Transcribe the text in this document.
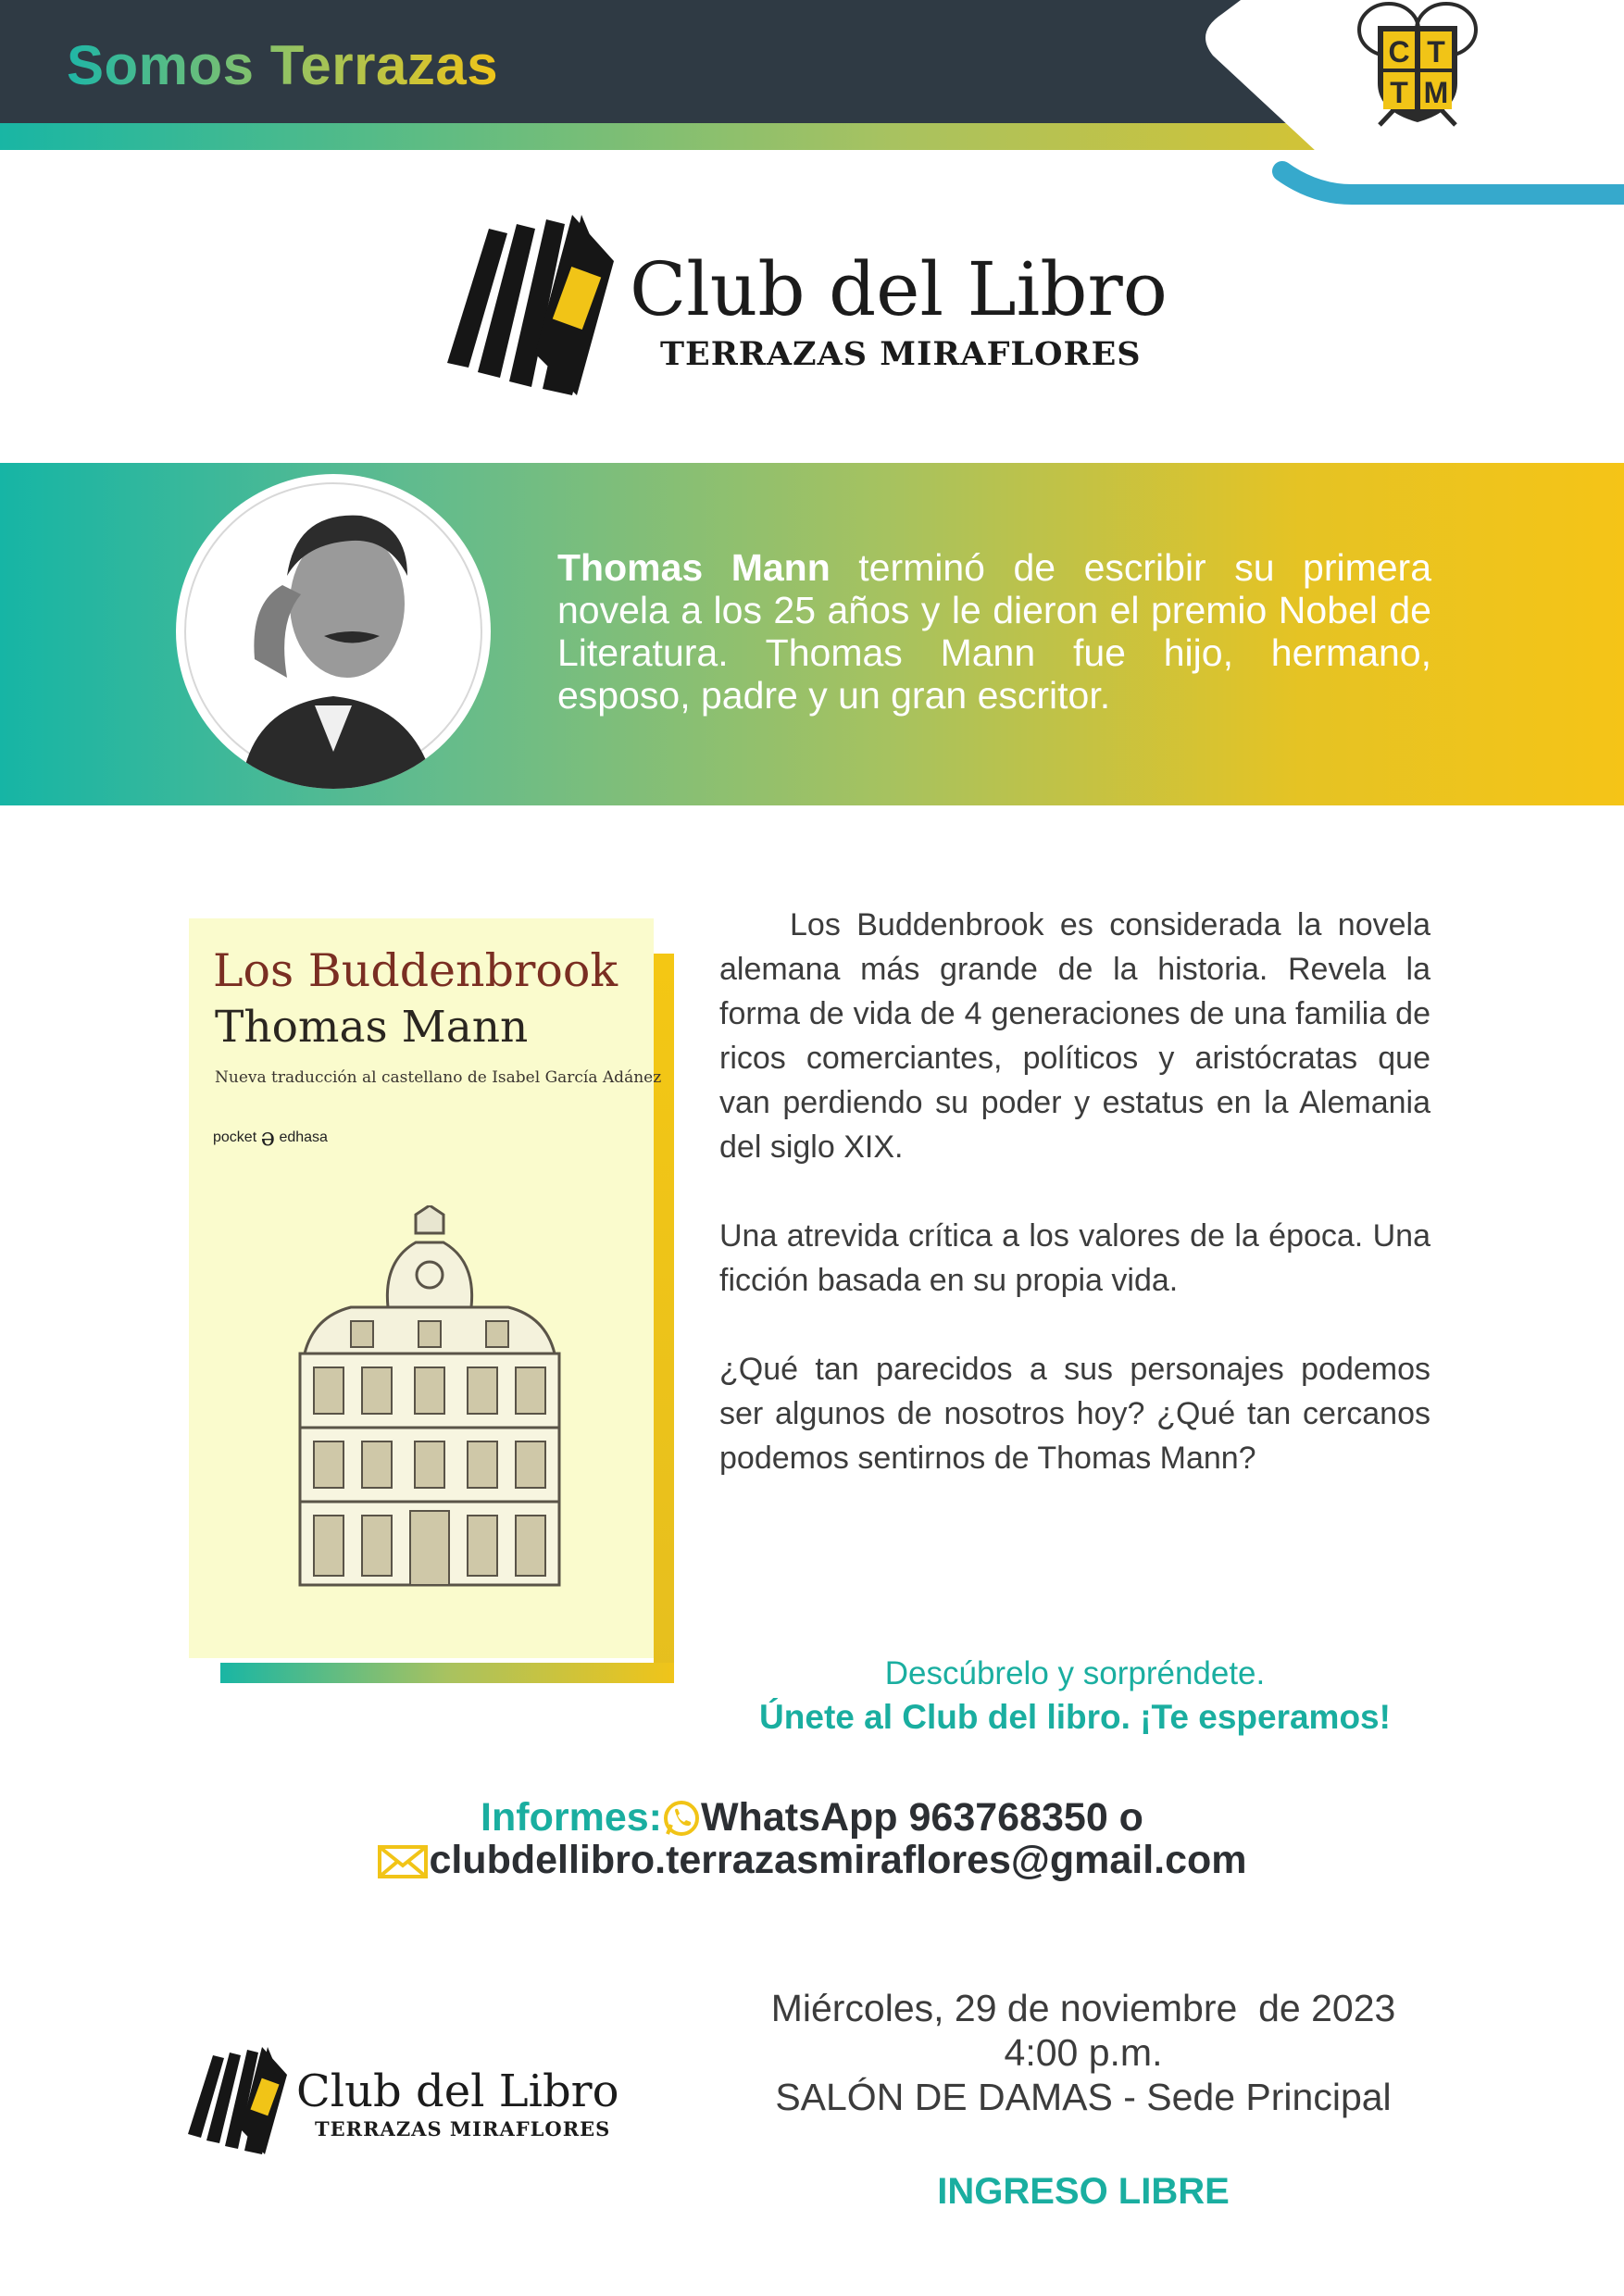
Somos Terrazas	C T
T M
Club del Libro
TERRAZAS MIRAFLORES
Thomas Mann terminó de escribir su primera novela a los 25 años y le dieron el premio Nobel de Literatura. Thomas Mann fue hijo, hermano, esposo, padre y un gran escritor.
Los Buddenbrook
Thomas Mann
Nueva traducción al castellano de Isabel García Adánez
pocket ə edhasa

Los Buddenbrook es considerada la novela alemana más grande de la historia. Revela la forma de vida de 4 generaciones de una familia de ricos comerciantes, políticos y aristócratas que van perdiendo su poder y estatus en la Alemania del siglo XIX.

Una atrevida crítica a los valores de la época. Una ficción basada en su propia vida.

¿Qué tan parecidos a sus personajes podemos ser algunos de nosotros hoy? ¿Qué tan cercanos podemos sentirnos de Thomas Mann?

Descúbrelo y sorpréndete.
Únete al Club del libro. ¡Te esperamos!
Informes: WhatsApp 963768350 o
clubdellibro.terrazasmiraflores@gmail.com
Club del Libro
TERRAZAS MIRAFLORES
Miércoles, 29 de noviembre  de 2023
4:00 p.m.
SALÓN DE DAMAS - Sede Principal
INGRESO LIBRE
